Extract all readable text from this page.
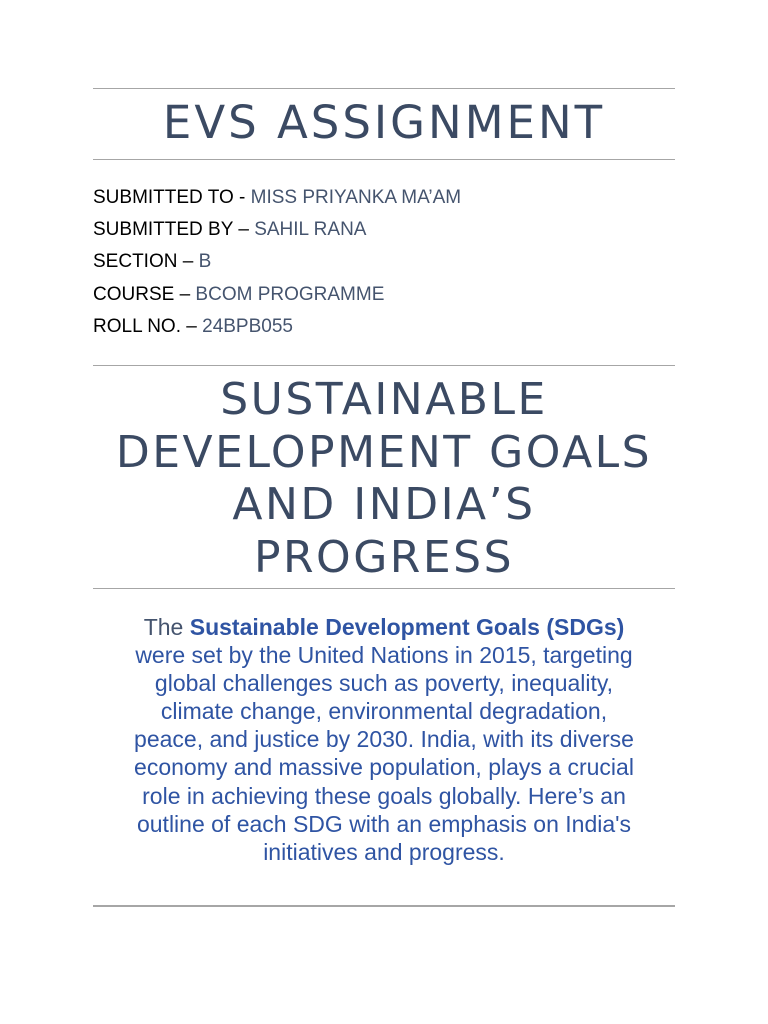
EVS ASSIGNMENT
SUBMITTED TO - MISS PRIYANKA MA’AM
SUBMITTED BY – SAHIL RANA
SECTION – B
COURSE – BCOM PROGRAMME
ROLL NO. – 24BPB055
SUSTAINABLE
DEVELOPMENT GOALS
AND INDIA’S
PROGRESS
The Sustainable Development Goals (SDGs)
were set by the United Nations in 2015, targeting
global challenges such as poverty, inequality,
climate change, environmental degradation,
peace, and justice by 2030. India, with its diverse
economy and massive population, plays a crucial
role in achieving these goals globally. Here’s an
outline of each SDG with an emphasis on India's
initiatives and progress.
